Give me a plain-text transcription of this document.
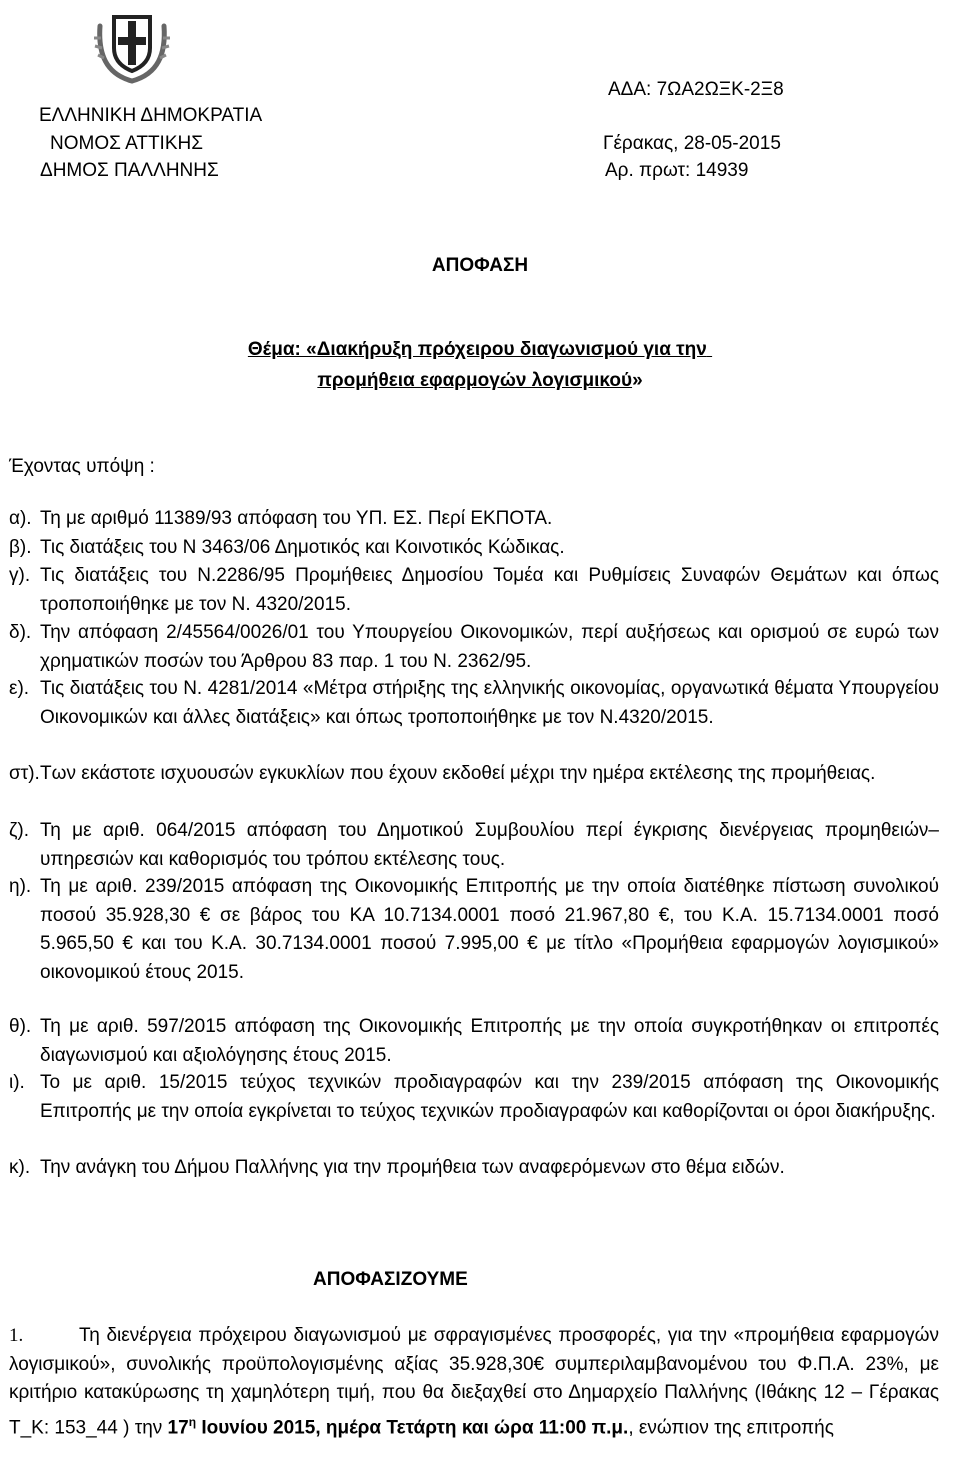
ΑΔΑ: 7ΩΑ2ΩΞΚ-2Ξ8
ΕΛΛΗΝΙΚΗ ΔΗΜΟΚΡΑΤΙΑ
ΝΟΜΟΣ ΑΤΤΙΚΗΣ	Γέρακας, 28-05-2015
ΔΗΜΟΣ ΠΑΛΛΗΝΗΣ	Αρ. πρωτ: 14939
ΑΠΟΦΑΣΗ
Θέμα: «Διακήρυξη πρόχειρου διαγωνισμού για την
προμήθεια εφαρμογών λογισμικού»
Έχοντας υπόψη :
α). Τη με αριθμό 11389/93 απόφαση του ΥΠ. ΕΣ. Περί ΕΚΠΟΤΑ.
β). Τις διατάξεις του Ν 3463/06 Δημοτικός και Κοινοτικός Κώδικας.
γ). Τις διατάξεις του Ν.2286/95 Προμήθειες Δημοσίου Τομέα και Ρυθμίσεις Συναφών Θεμάτων και όπως τροποποιήθηκε με τον Ν. 4320/2015.
δ). Την απόφαση 2/45564/0026/01 του Υπουργείου Οικονομικών, περί αυξήσεως και ορισμού σε ευρώ των χρηματικών ποσών του Άρθρου 83 παρ. 1 του Ν. 2362/95.
ε). Τις διατάξεις του Ν. 4281/2014 «Μέτρα στήριξης της ελληνικής οικονομίας, οργανωτικά θέματα Υπουργείου Οικονομικών και άλλες διατάξεις» και όπως τροποποιήθηκε με τον Ν.4320/2015.
στ). Των εκάστοτε ισχυουσών εγκυκλίων που έχουν εκδοθεί μέχρι την ημέρα εκτέλεσης της προμήθειας.
ζ). Τη με αριθ. 064/2015 απόφαση του Δημοτικού Συμβουλίου περί έγκρισης διενέργειας προμηθειών–υπηρεσιών και καθορισμός του τρόπου εκτέλεσης τους.
η). Τη με αριθ. 239/2015 απόφαση της Οικονομικής Επιτροπής με την οποία διατέθηκε πίστωση συνολικού ποσού 35.928,30 € σε βάρος του ΚΑ 10.7134.0001 ποσό 21.967,80 €, του Κ.Α. 15.7134.0001 ποσό 5.965,50 € και του Κ.Α. 30.7134.0001 ποσού 7.995,00 € με τίτλο «Προμήθεια εφαρμογών λογισμικού» οικονομικού έτους 2015.
θ). Τη με αριθ. 597/2015 απόφαση της Οικονομικής Επιτροπής με την οποία συγκροτήθηκαν οι επιτροπές διαγωνισμού και αξιολόγησης έτους 2015.
ι). Το με αριθ. 15/2015 τεύχος τεχνικών προδιαγραφών και την 239/2015 απόφαση της Οικονομικής Επιτροπής με την οποία εγκρίνεται το τεύχος τεχνικών προδιαγραφών και καθορίζονται οι όροι διακήρυξης.
κ). Την ανάγκη του Δήμου Παλλήνης για την προμήθεια των αναφερόμενων στο θέμα ειδών.
ΑΠΟΦΑΣΙΖΟΥΜΕ
1.	Τη διενέργεια πρόχειρου διαγωνισμού με σφραγισμένες προσφορές, για την «προμήθεια εφαρμογών λογισμικού», συνολικής προϋπολογισμένης αξίας 35.928,30€ συμπεριλαμβανομένου του Φ.Π.Α. 23%, με κριτήριο κατακύρωσης τη χαμηλότερη τιμή, που θα διεξαχθεί στο Δημαρχείο Παλλήνης (Ιθάκης 12 – Γέρακας Τ_Κ: 153_44 ) την $17^\eta$ Ιουνίου 2015, ημέρα Τετάρτη και ώρα 11:00 π.μ., ενώπιον της επιτροπής
